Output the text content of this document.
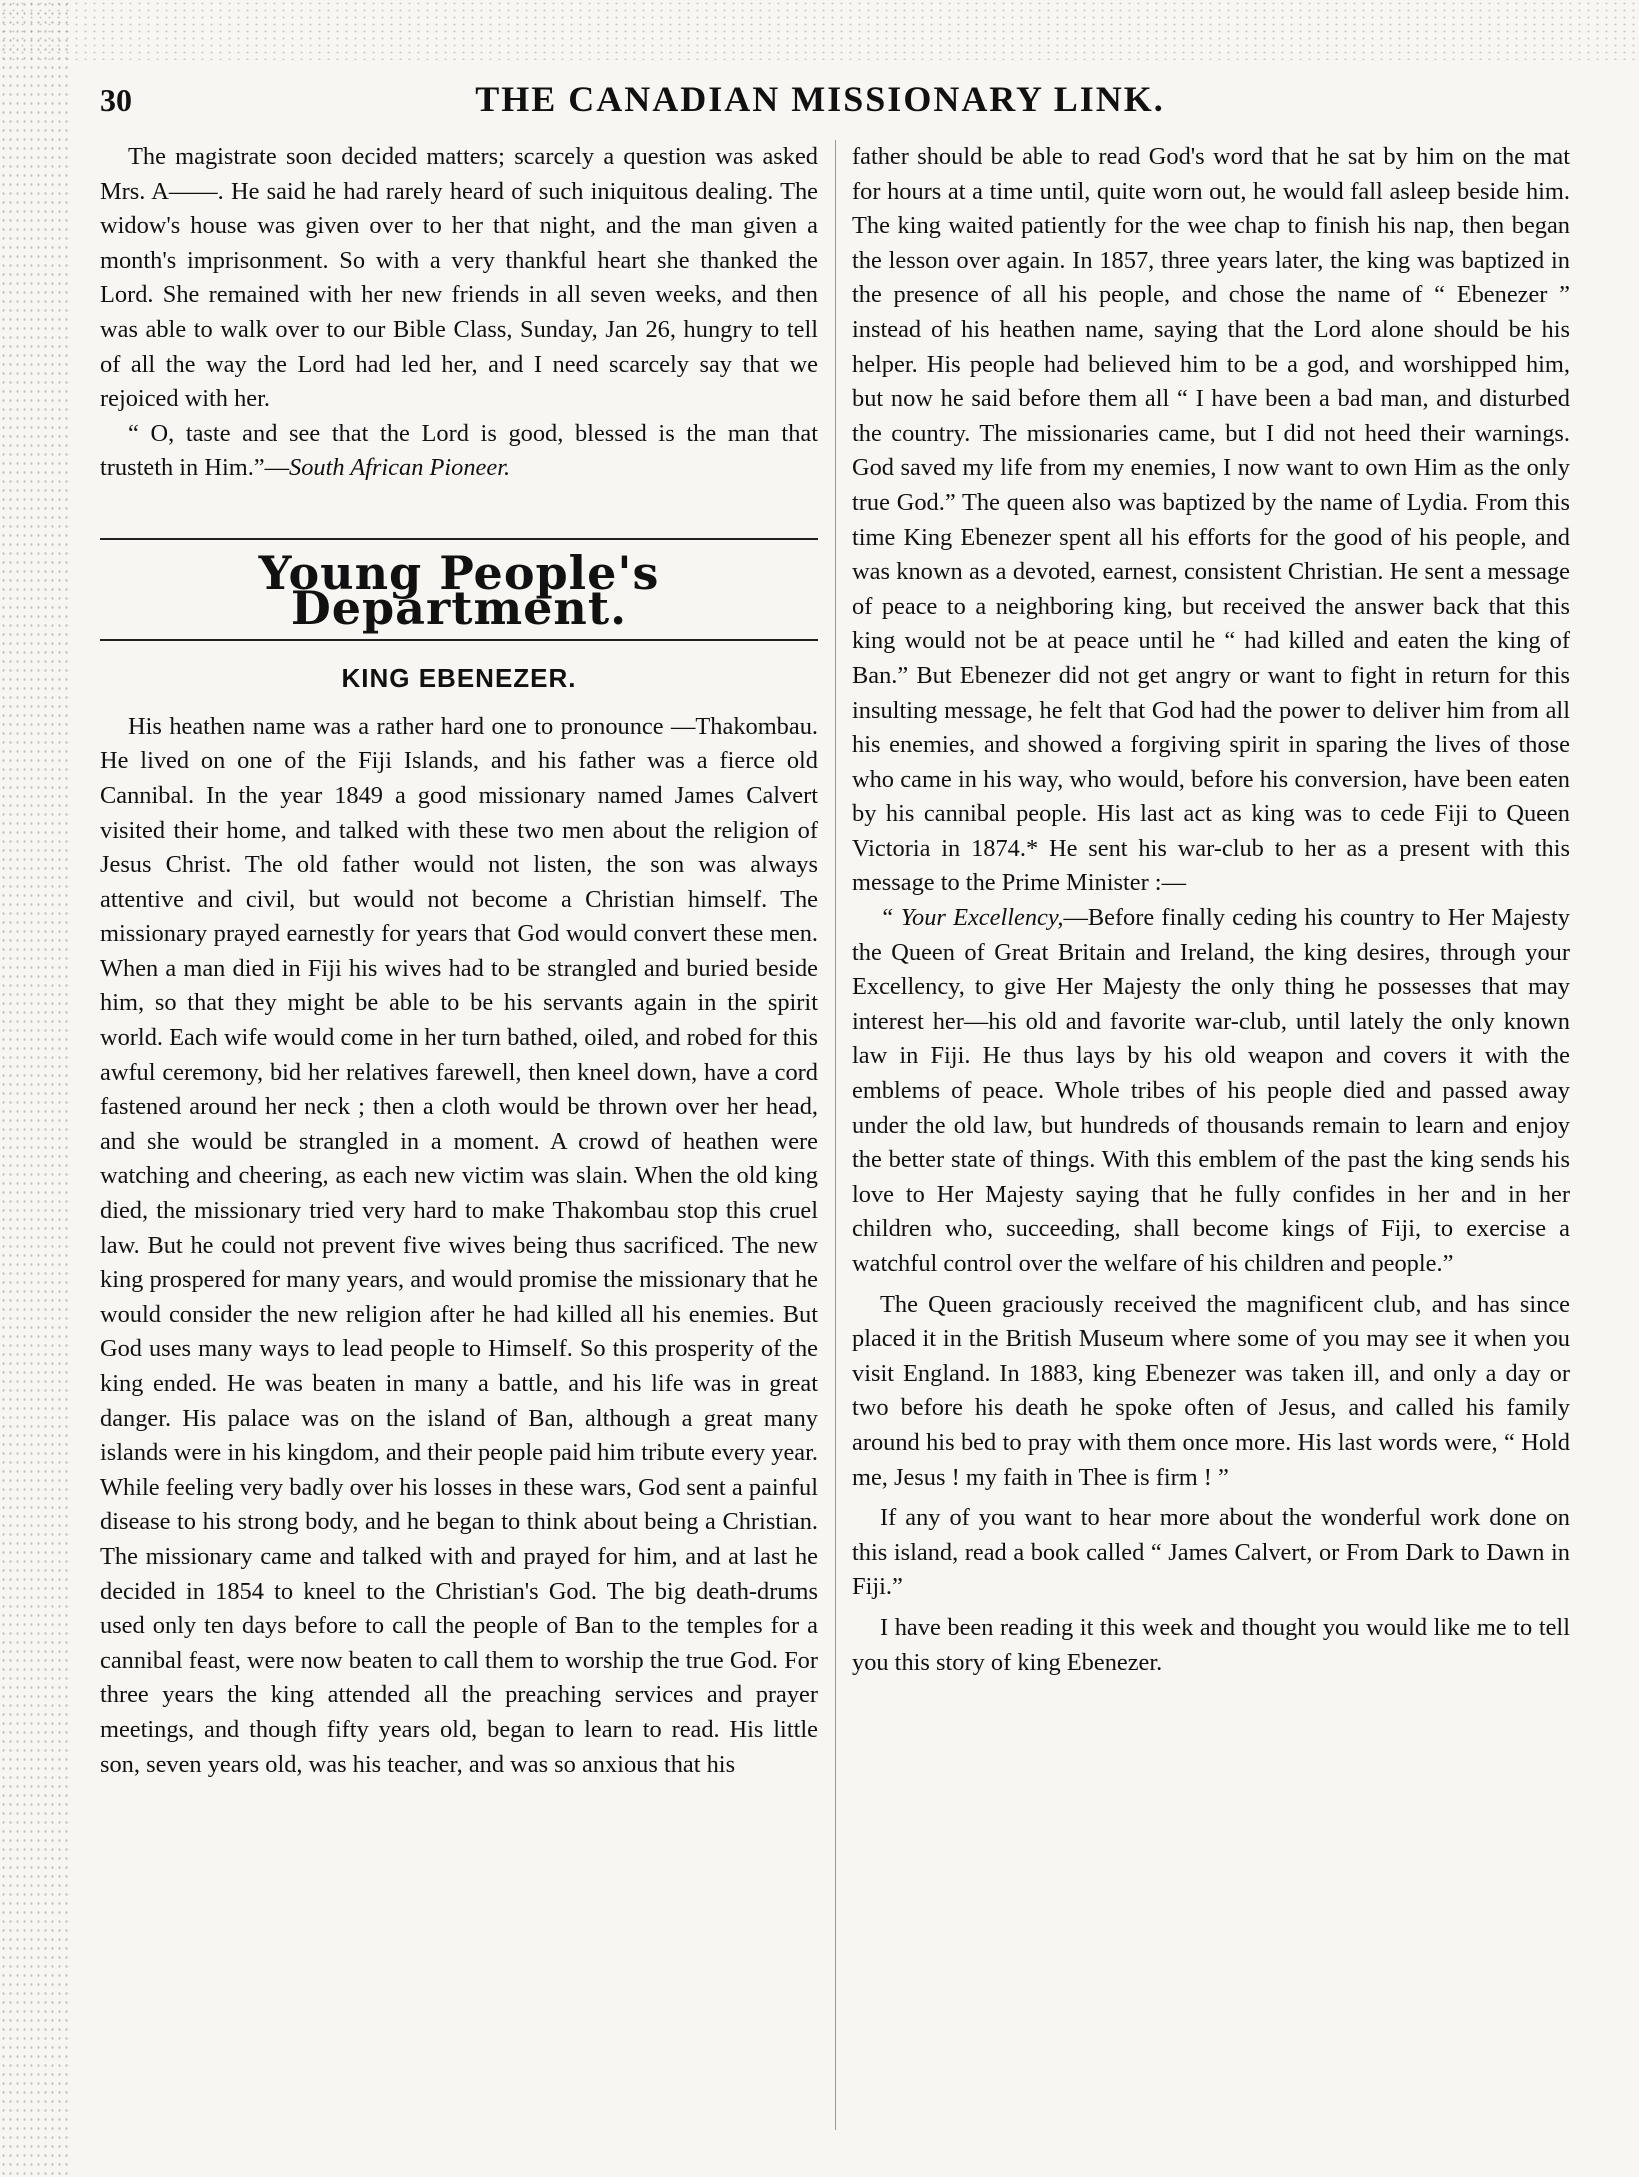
30	THE CANADIAN MISSIONARY LINK.

The magistrate soon decided matters; scarcely a question was asked Mrs. A——. He said he had rarely heard of such iniquitous dealing. The widow's house was given over to her that night, and the man given a month's imprisonment. So with a very thankful heart she thanked the Lord. She remained with her new friends in all seven weeks, and then was able to walk over to our Bible Class, Sunday, Jan 26, hungry to tell of all the way the Lord had led her, and I need scarcely say that we rejoiced with her.

“ O, taste and see that the Lord is good, blessed is the man that trusteth in Him.”—South African Pioneer.

Young People's Department.
KING EBENEZER.

His heathen name was a rather hard one to pronounce —Thakombau. He lived on one of the Fiji Islands, and his father was a fierce old Cannibal. In the year 1849 a good missionary named James Calvert visited their home, and talked with these two men about the religion of Jesus Christ. The old father would not listen, the son was always attentive and civil, but would not become a Christian himself. The missionary prayed earnestly for years that God would convert these men. When a man died in Fiji his wives had to be strangled and buried beside him, so that they might be able to be his servants again in the spirit world. Each wife would come in her turn bathed, oiled, and robed for this awful ceremony, bid her relatives farewell, then kneel down, have a cord fastened around her neck ; then a cloth would be thrown over her head, and she would be strangled in a moment. A crowd of heathen were watching and cheering, as each new victim was slain. When the old king died, the missionary tried very hard to make Thakombau stop this cruel law. But he could not prevent five wives being thus sacrificed. The new king prospered for many years, and would promise the missionary that he would consider the new religion after he had killed all his enemies. But God uses many ways to lead people to Himself. So this prosperity of the king ended. He was beaten in many a battle, and his life was in great danger. His palace was on the island of Ban, although a great many islands were in his kingdom, and their people paid him tribute every year. While feeling very badly over his losses in these wars, God sent a painful disease to his strong body, and he began to think about being a Christian. The missionary came and talked with and prayed for him, and at last he decided in 1854 to kneel to the Christian's God. The big death-drums used only ten days before to call the people of Ban to the temples for a cannibal feast, were now beaten to call them to worship the true God. For three years the king attended all the preaching services and prayer meetings, and though fifty years old, began to learn to read. His little son, seven years old, was his teacher, and was so anxious that his

father should be able to read God's word that he sat by him on the mat for hours at a time until, quite worn out, he would fall asleep beside him. The king waited patiently for the wee chap to finish his nap, then began the lesson over again. In 1857, three years later, the king was baptized in the presence of all his people, and chose the name of “ Ebenezer ” instead of his heathen name, saying that the Lord alone should be his helper. His people had believed him to be a god, and worshipped him, but now he said before them all “ I have been a bad man, and disturbed the country. The missionaries came, but I did not heed their warnings. God saved my life from my enemies, I now want to own Him as the only true God.” The queen also was baptized by the name of Lydia. From this time King Ebenezer spent all his efforts for the good of his people, and was known as a devoted, earnest, consistent Christian. He sent a message of peace to a neighboring king, but received the answer back that this king would not be at peace until he “ had killed and eaten the king of Ban.” But Ebenezer did not get angry or want to fight in return for this insulting message, he felt that God had the power to deliver him from all his enemies, and showed a forgiving spirit in sparing the lives of those who came in his way, who would, before his conversion, have been eaten by his cannibal people. His last act as king was to cede Fiji to Queen Victoria in 1874.* He sent his war-club to her as a present with this message to the Prime Minister :—

“ Your Excellency,—Before finally ceding his country to Her Majesty the Queen of Great Britain and Ireland, the king desires, through your Excellency, to give Her Majesty the only thing he possesses that may interest her—his old and favorite war-club, until lately the only known law in Fiji. He thus lays by his old weapon and covers it with the emblems of peace. Whole tribes of his people died and passed away under the old law, but hundreds of thousands remain to learn and enjoy the better state of things. With this emblem of the past the king sends his love to Her Majesty saying that he fully confides in her and in her children who, succeeding, shall become kings of Fiji, to exercise a watchful control over the welfare of his children and people.”

The Queen graciously received the magnificent club, and has since placed it in the British Museum where some of you may see it when you visit England. In 1883, king Ebenezer was taken ill, and only a day or two before his death he spoke often of Jesus, and called his family around his bed to pray with them once more. His last words were, “ Hold me, Jesus ! my faith in Thee is firm ! ”

If any of you want to hear more about the wonderful work done on this island, read a book called “ James Calvert, or From Dark to Dawn in Fiji.”

I have been reading it this week and thought you would like me to tell you this story of king Ebenezer.
